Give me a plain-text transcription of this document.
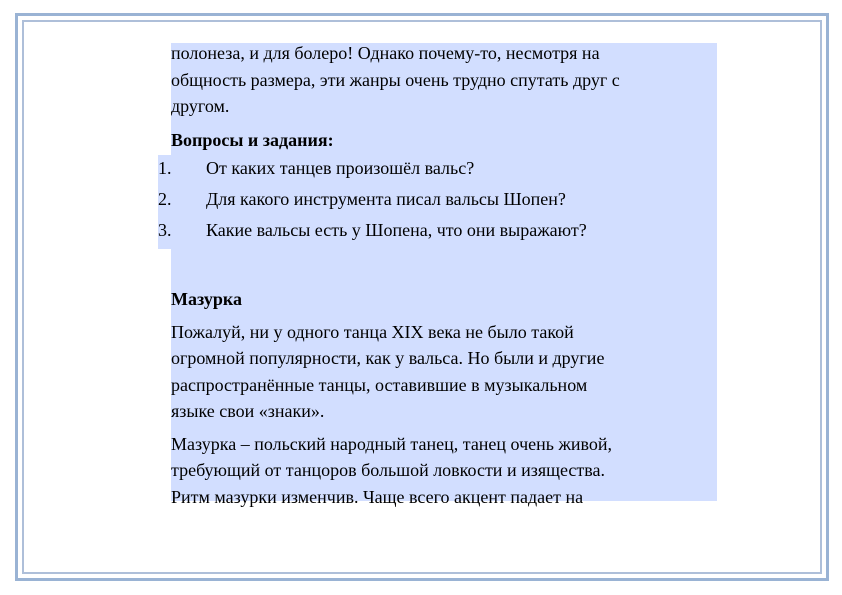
полонеза, и для болеро! Однако почему-то, несмотря на

общность размера, эти жанры очень трудно спутать друг с

другом.

Вопросы и задания:

1.	От каких танцев произошёл вальс?
2.	Для какого инструмента писал вальсы Шопен?
3.	Какие вальсы есть у Шопена, что они выражают?

Мазурка

Пожалуй, ни у одного танца XIX века не было такой

огромной популярности, как у вальса. Но были и другие

распространённые танцы, оставившие в музыкальном

языке свои «знаки».

Мазурка – польский народный танец, танец очень живой,

требующий от танцоров большой ловкости и изящества.

Ритм мазурки изменчив. Чаще всего акцент падает на
